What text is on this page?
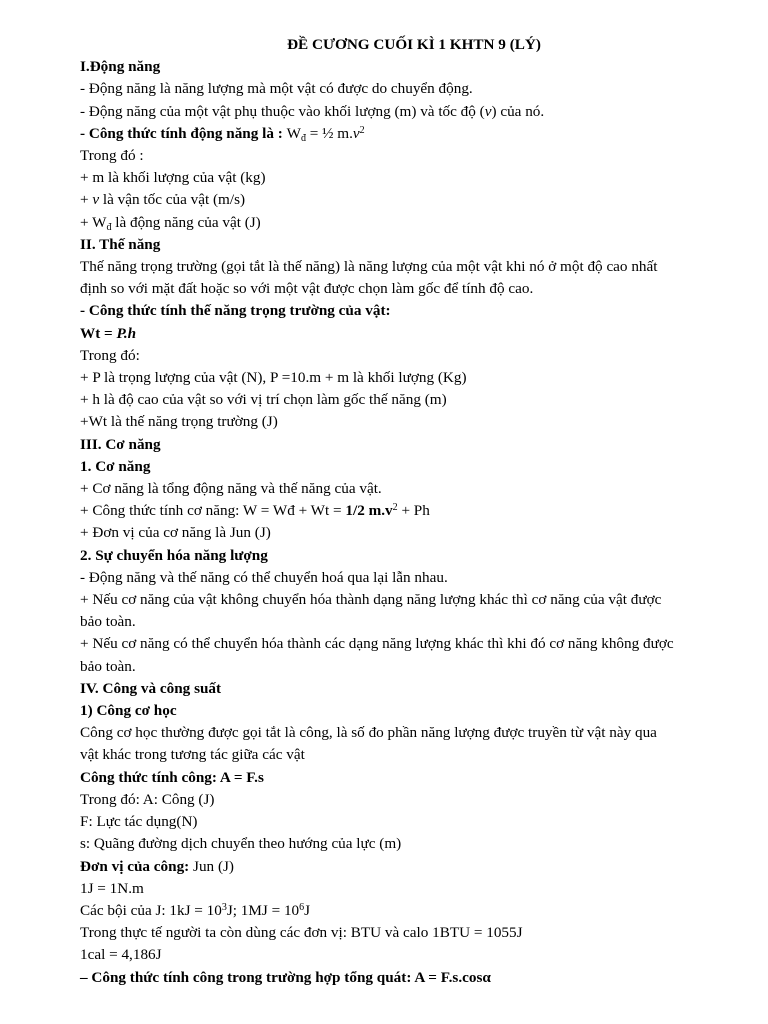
ĐỀ CƯƠNG CUỐI KÌ 1 KHTN 9 (LÝ)

I.Động năng

- Động năng là năng lượng mà một vật có được do chuyển động.

- Động năng của một vật phụ thuộc vào khối lượng (m) và tốc độ (v) của nó.

- Công thức tính động năng là : $W_đ$ = ½ $m.v^2$

Trong đó :

+ m là khối lượng của vật (kg)

+ v là vận tốc của vật (m/s)

+ $W_đ$ là động năng của vật (J)

II. Thế năng

Thế năng trọng trường (gọi tắt là thế năng) là năng lượng của một vật khi nó ở một độ cao nhất

định so với mặt đất hoặc so với một vật được chọn làm gốc để tính độ cao.

- Công thức tính thế năng trọng trường của vật:

Wt = P.h

Trong đó:

+ P là trọng lượng của vật (N), P =10.m + m là khối lượng (Kg)

+ h là độ cao của vật so với vị trí chọn làm gốc thế năng (m)

+Wt là thế năng trọng trường (J)

III. Cơ năng

1. Cơ năng

+ Cơ năng là tổng động năng và thế năng của vật.

+ Công thức tính cơ năng: W = Wđ + Wt = 1/2 $m.v^2 + Ph$

+ Đơn vị của cơ năng là Jun (J)

2. Sự chuyển hóa năng lượng

- Động năng và thế năng có thể chuyển hoá qua lại lẫn nhau.

+ Nếu cơ năng của vật không chuyển hóa thành dạng năng lượng khác thì cơ năng của vật được

bảo toàn.

+ Nếu cơ năng có thể chuyển hóa thành các dạng năng lượng khác thì khi đó cơ năng không được

bảo toàn.

IV. Công và công suất

1) Công cơ học

Công cơ học thường được gọi tắt là công, là số đo phần năng lượng được truyền từ vật này qua

vật khác trong tương tác giữa các vật

Công thức tính công: A = F.s

Trong đó: A: Công (J)

F: Lực tác dụng(N)

s: Quãng đường dịch chuyển theo hướng của lực (m)

Đơn vị của công: Jun (J)

1J = 1N.m

Các bội của J: $1kJ = 10^3J$; $1MJ = 10^6J$

Trong thực tế người ta còn dùng các đơn vị: BTU và calo 1BTU = 1055J

1cal = 4,186J

– Công thức tính công trong trường hợp tổng quát: A = F.s.cosα
